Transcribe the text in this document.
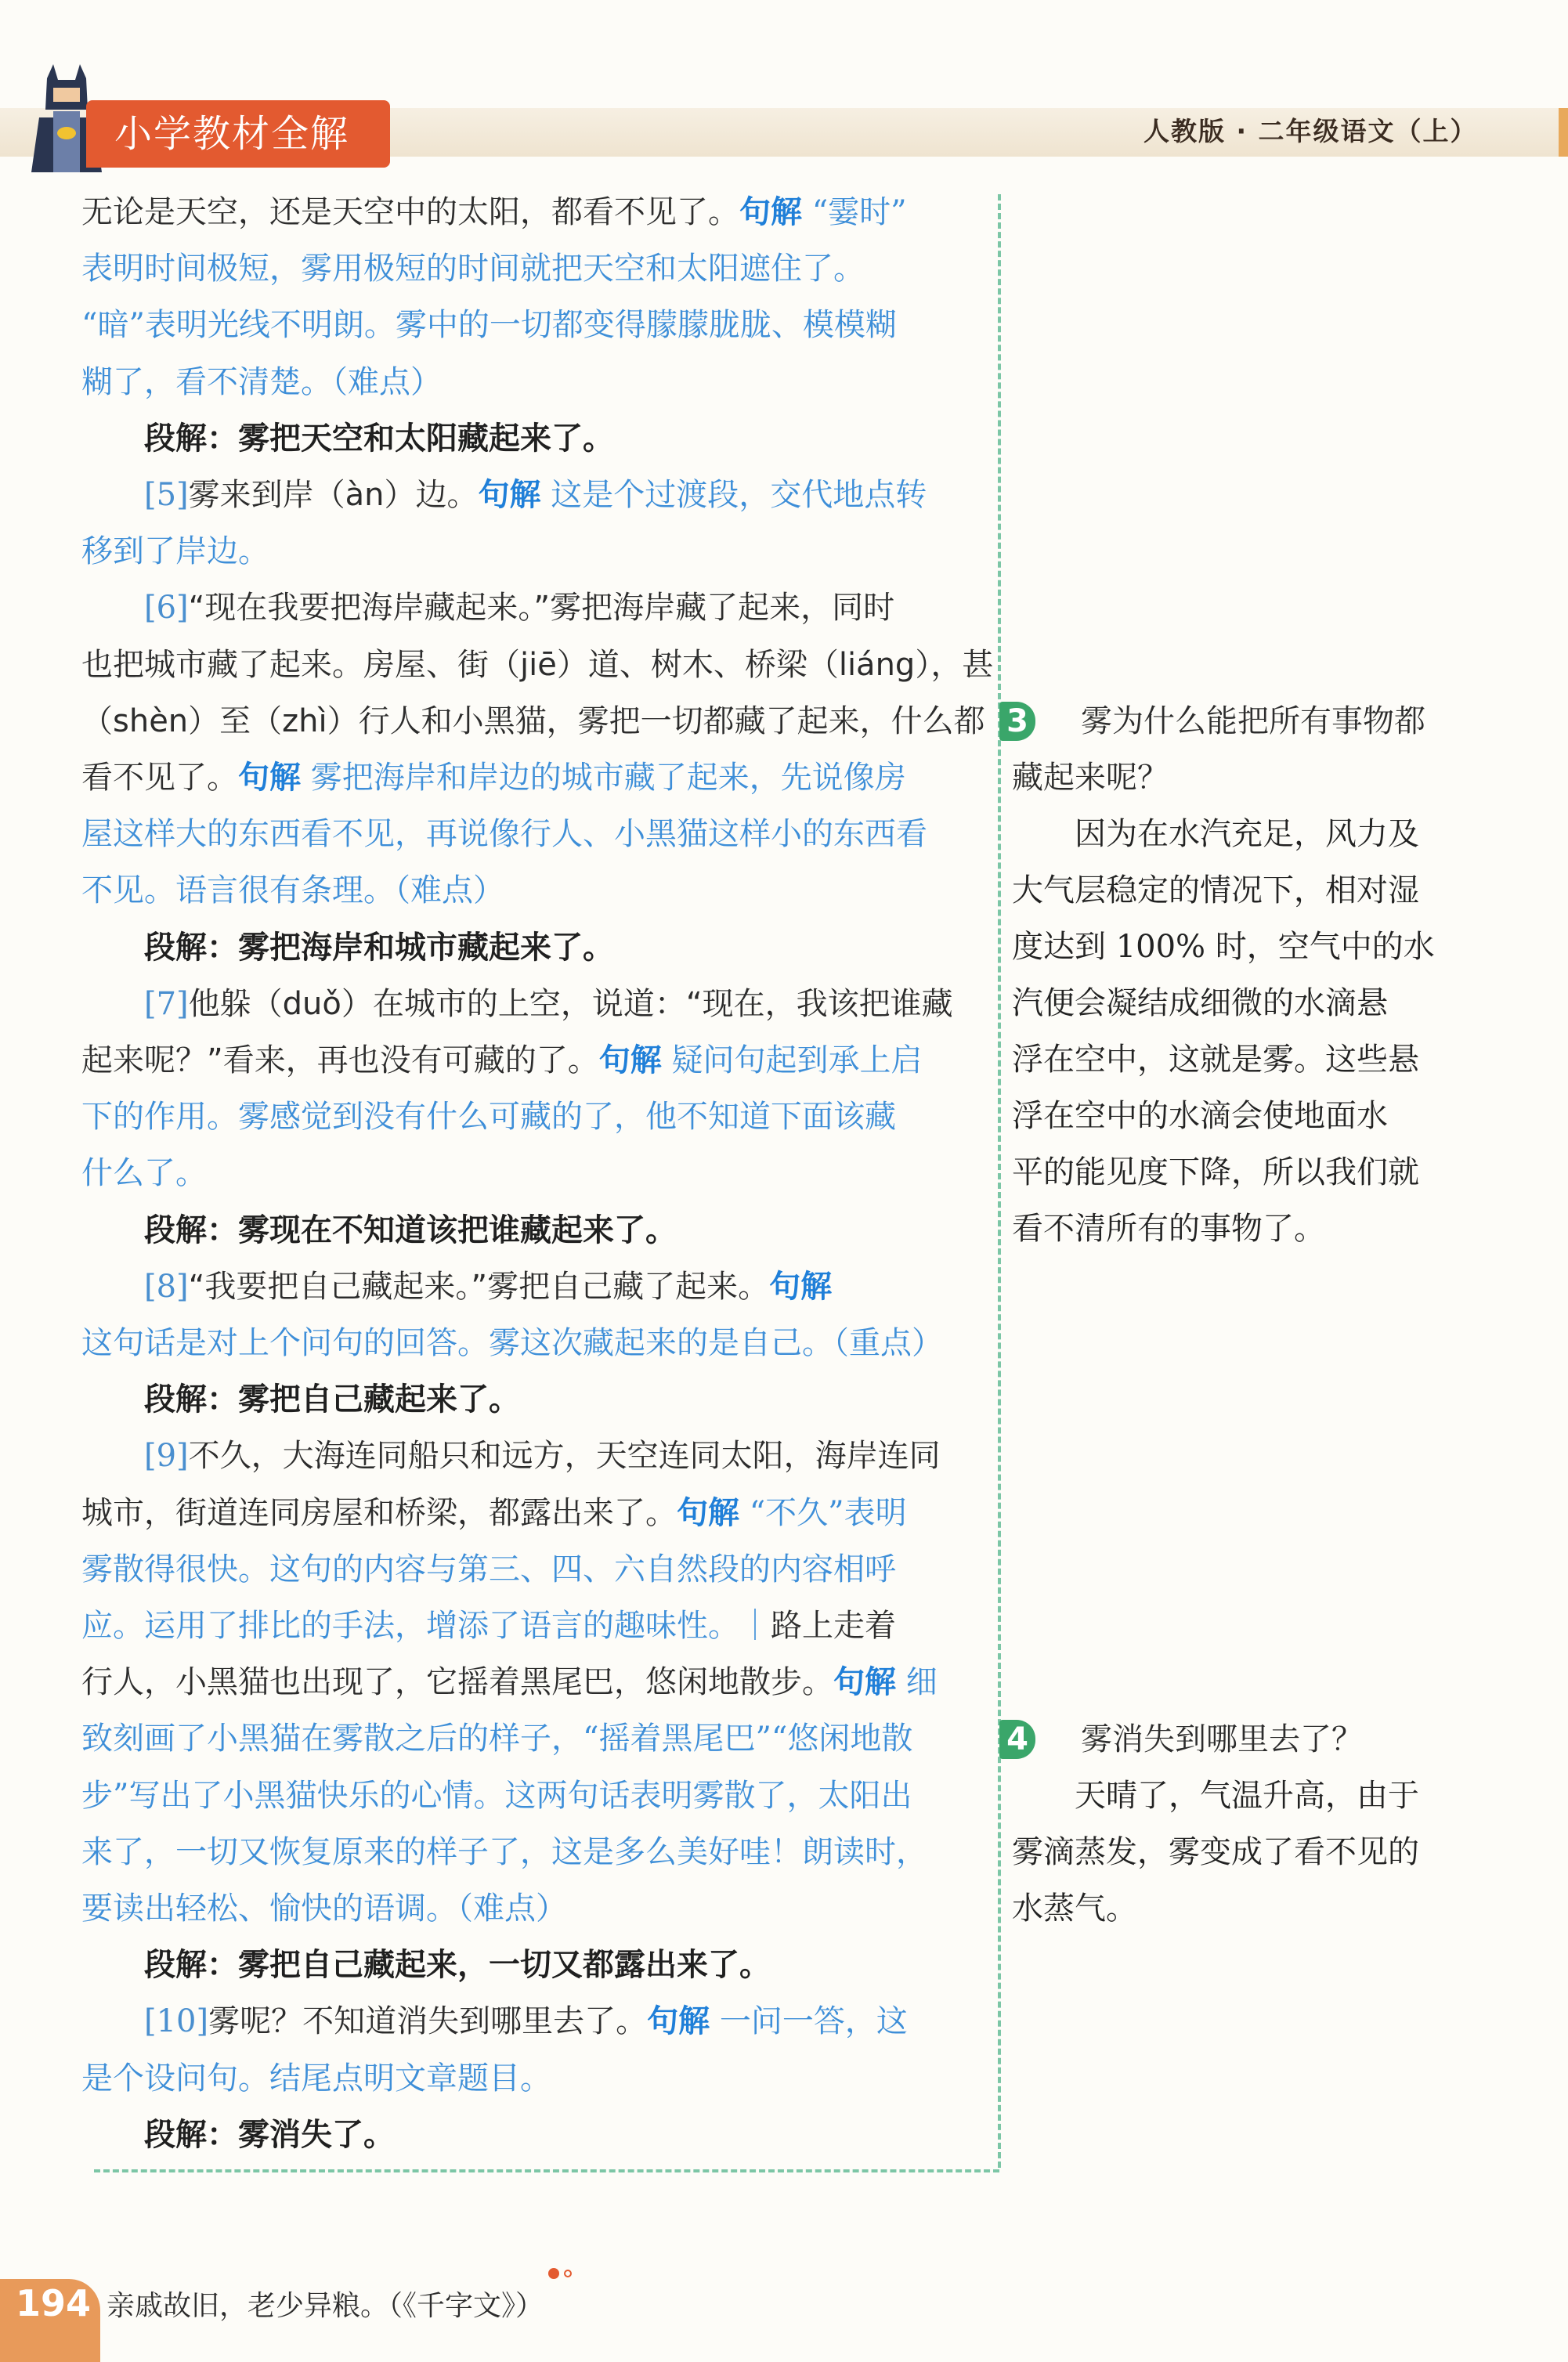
小学教材全解	人教版 · 二年级语文（上）
无论是天空，还是天空中的太阳，都看不见了。句解 “霎时”
表明时间极短，雾用极短的时间就把天空和太阳遮住了。
“暗”表明光线不明朗。雾中的一切都变得朦朦胧胧、模模糊
糊了，看不清楚。（难点）
　　段解：雾把天空和太阳藏起来了。
　　[5]雾来到岸（àn）边。句解 这是个过渡段，交代地点转
移到了岸边。
　　[6]“现在我要把海岸藏起来。”雾把海岸藏了起来，同时
也把城市藏了起来。房屋、街（jiē）道、树木、桥梁（liáng），甚
（shèn）至（zhì）行人和小黑猫，雾把一切都藏了起来，什么都
看不见了。句解 雾把海岸和岸边的城市藏了起来，先说像房
屋这样大的东西看不见，再说像行人、小黑猫这样小的东西看
不见。语言很有条理。（难点）
　　段解：雾把海岸和城市藏起来了。
　　[7]他躲（duǒ）在城市的上空，说道：“现在，我该把谁藏
起来呢？”看来，再也没有可藏的了。句解 疑问句起到承上启
下的作用。雾感觉到没有什么可藏的了，他不知道下面该藏
什么了。
　　段解：雾现在不知道该把谁藏起来了。
　　[8]“我要把自己藏起来。”雾把自己藏了起来。句解
这句话是对上个问句的回答。雾这次藏起来的是自己。（重点）
　　段解：雾把自己藏起来了。
　　[9]不久，大海连同船只和远方，天空连同太阳，海岸连同
城市，街道连同房屋和桥梁，都露出来了。句解 “不久”表明
雾散得很快。这句的内容与第三、四、六自然段的内容相呼
应。运用了排比的手法，增添了语言的趣味性。｜路上走着
行人，小黑猫也出现了，它摇着黑尾巴，悠闲地散步。句解 细
致刻画了小黑猫在雾散之后的样子，“摇着黑尾巴”“悠闲地散
步”写出了小黑猫快乐的心情。这两句话表明雾散了，太阳出
来了，一切又恢复原来的样子了，这是多么美好哇！朗读时，
要读出轻松、愉快的语调。（难点）
　　段解：雾把自己藏起来，一切又都露出来了。
　　[10]雾呢？不知道消失到哪里去了。句解 一问一答，这
是个设问句。结尾点明文章题目。
　　段解：雾消失了。
3 雾为什么能把所有事物都
藏起来呢？
　　因为在水汽充足，风力及
大气层稳定的情况下，相对湿
度达到 100% 时，空气中的水
汽便会凝结成细微的水滴悬
浮在空中，这就是雾。这些悬
浮在空中的水滴会使地面水
平的能见度下降，所以我们就
看不清所有的事物了。
4 雾消失到哪里去了？
　　天晴了，气温升高，由于
雾滴蒸发，雾变成了看不见的
水蒸气。
194 亲戚故旧，老少异粮。（《千字文》）
